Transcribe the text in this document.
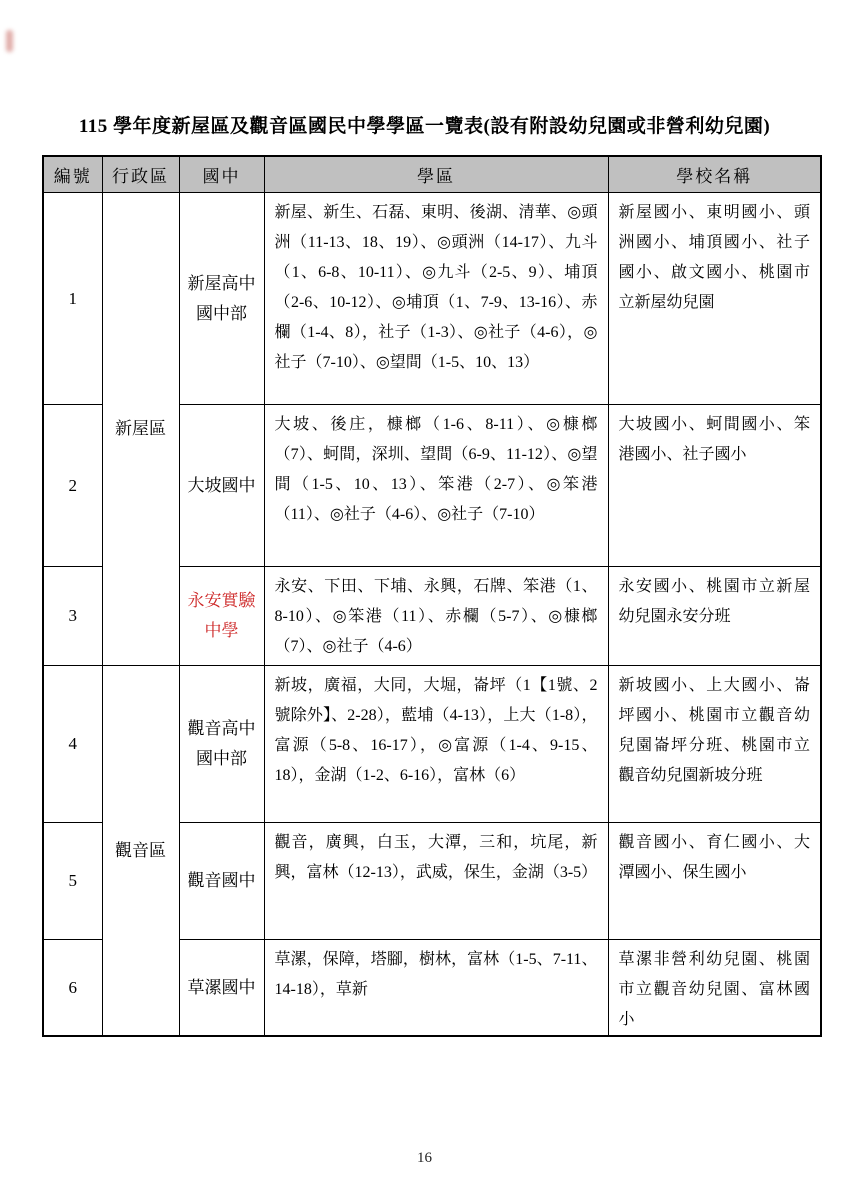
115 學年度新屋區及觀音區國民中學學區一覽表(設有附設幼兒園或非營利幼兒園)
編號	行政區	國中	學區	學校名稱
1	新屋區	新屋高中國中部	新屋、新生、石磊、東明、後湖、清華、◎頭洲（11-13、18、19）、◎頭洲（14-17）、九斗（1、6-8、10-11）、◎九斗（2-5、9）、埔頂（2-6、10-12）、◎埔頂（1、7-9、13-16）、赤欄（1-4、8），社子（1-3）、◎社子（4-6），◎社子（7-10）、◎望間（1-5、10、13）	新屋國小、東明國小、頭洲國小、埔頂國小、社子國小、啟文國小、桃園市立新屋幼兒園
2		大坡國中	大坡、後庄，槺榔（1-6、8-11）、◎槺榔（7）、蚵間，深圳、望間（6-9、11-12）、◎望間（1-5、10、13）、笨港（2-7）、◎笨港（11）、◎社子（4-6）、◎社子（7-10）	大坡國小、蚵間國小、笨港國小、社子國小
3		永安實驗中學	永安、下田、下埔、永興，石牌、笨港（1、8-10）、◎笨港（11）、赤欄（5-7）、◎槺榔（7）、◎社子（4-6）	永安國小、桃園市立新屋幼兒園永安分班
4	觀音區	觀音高中國中部	新坡，廣福，大同，大堀，崙坪（1【1號、2號除外】、2-28），藍埔（4-13），上大（1-8），富源（5-8、16-17），◎富源（1-4、9-15、18），金湖（1-2、6-16），富林（6）	新坡國小、上大國小、崙坪國小、桃園市立觀音幼兒園崙坪分班、桃園市立觀音幼兒園新坡分班
5		觀音國中	觀音，廣興，白玉，大潭，三和，坑尾，新興，富林（12-13），武威，保生，金湖（3-5）	觀音國小、育仁國小、大潭國小、保生國小
6		草漯國中	草漯，保障，塔腳，樹林，富林（1-5、7-11、14-18），草新	草漯非營利幼兒園、桃園市立觀音幼兒園、富林國小
16
